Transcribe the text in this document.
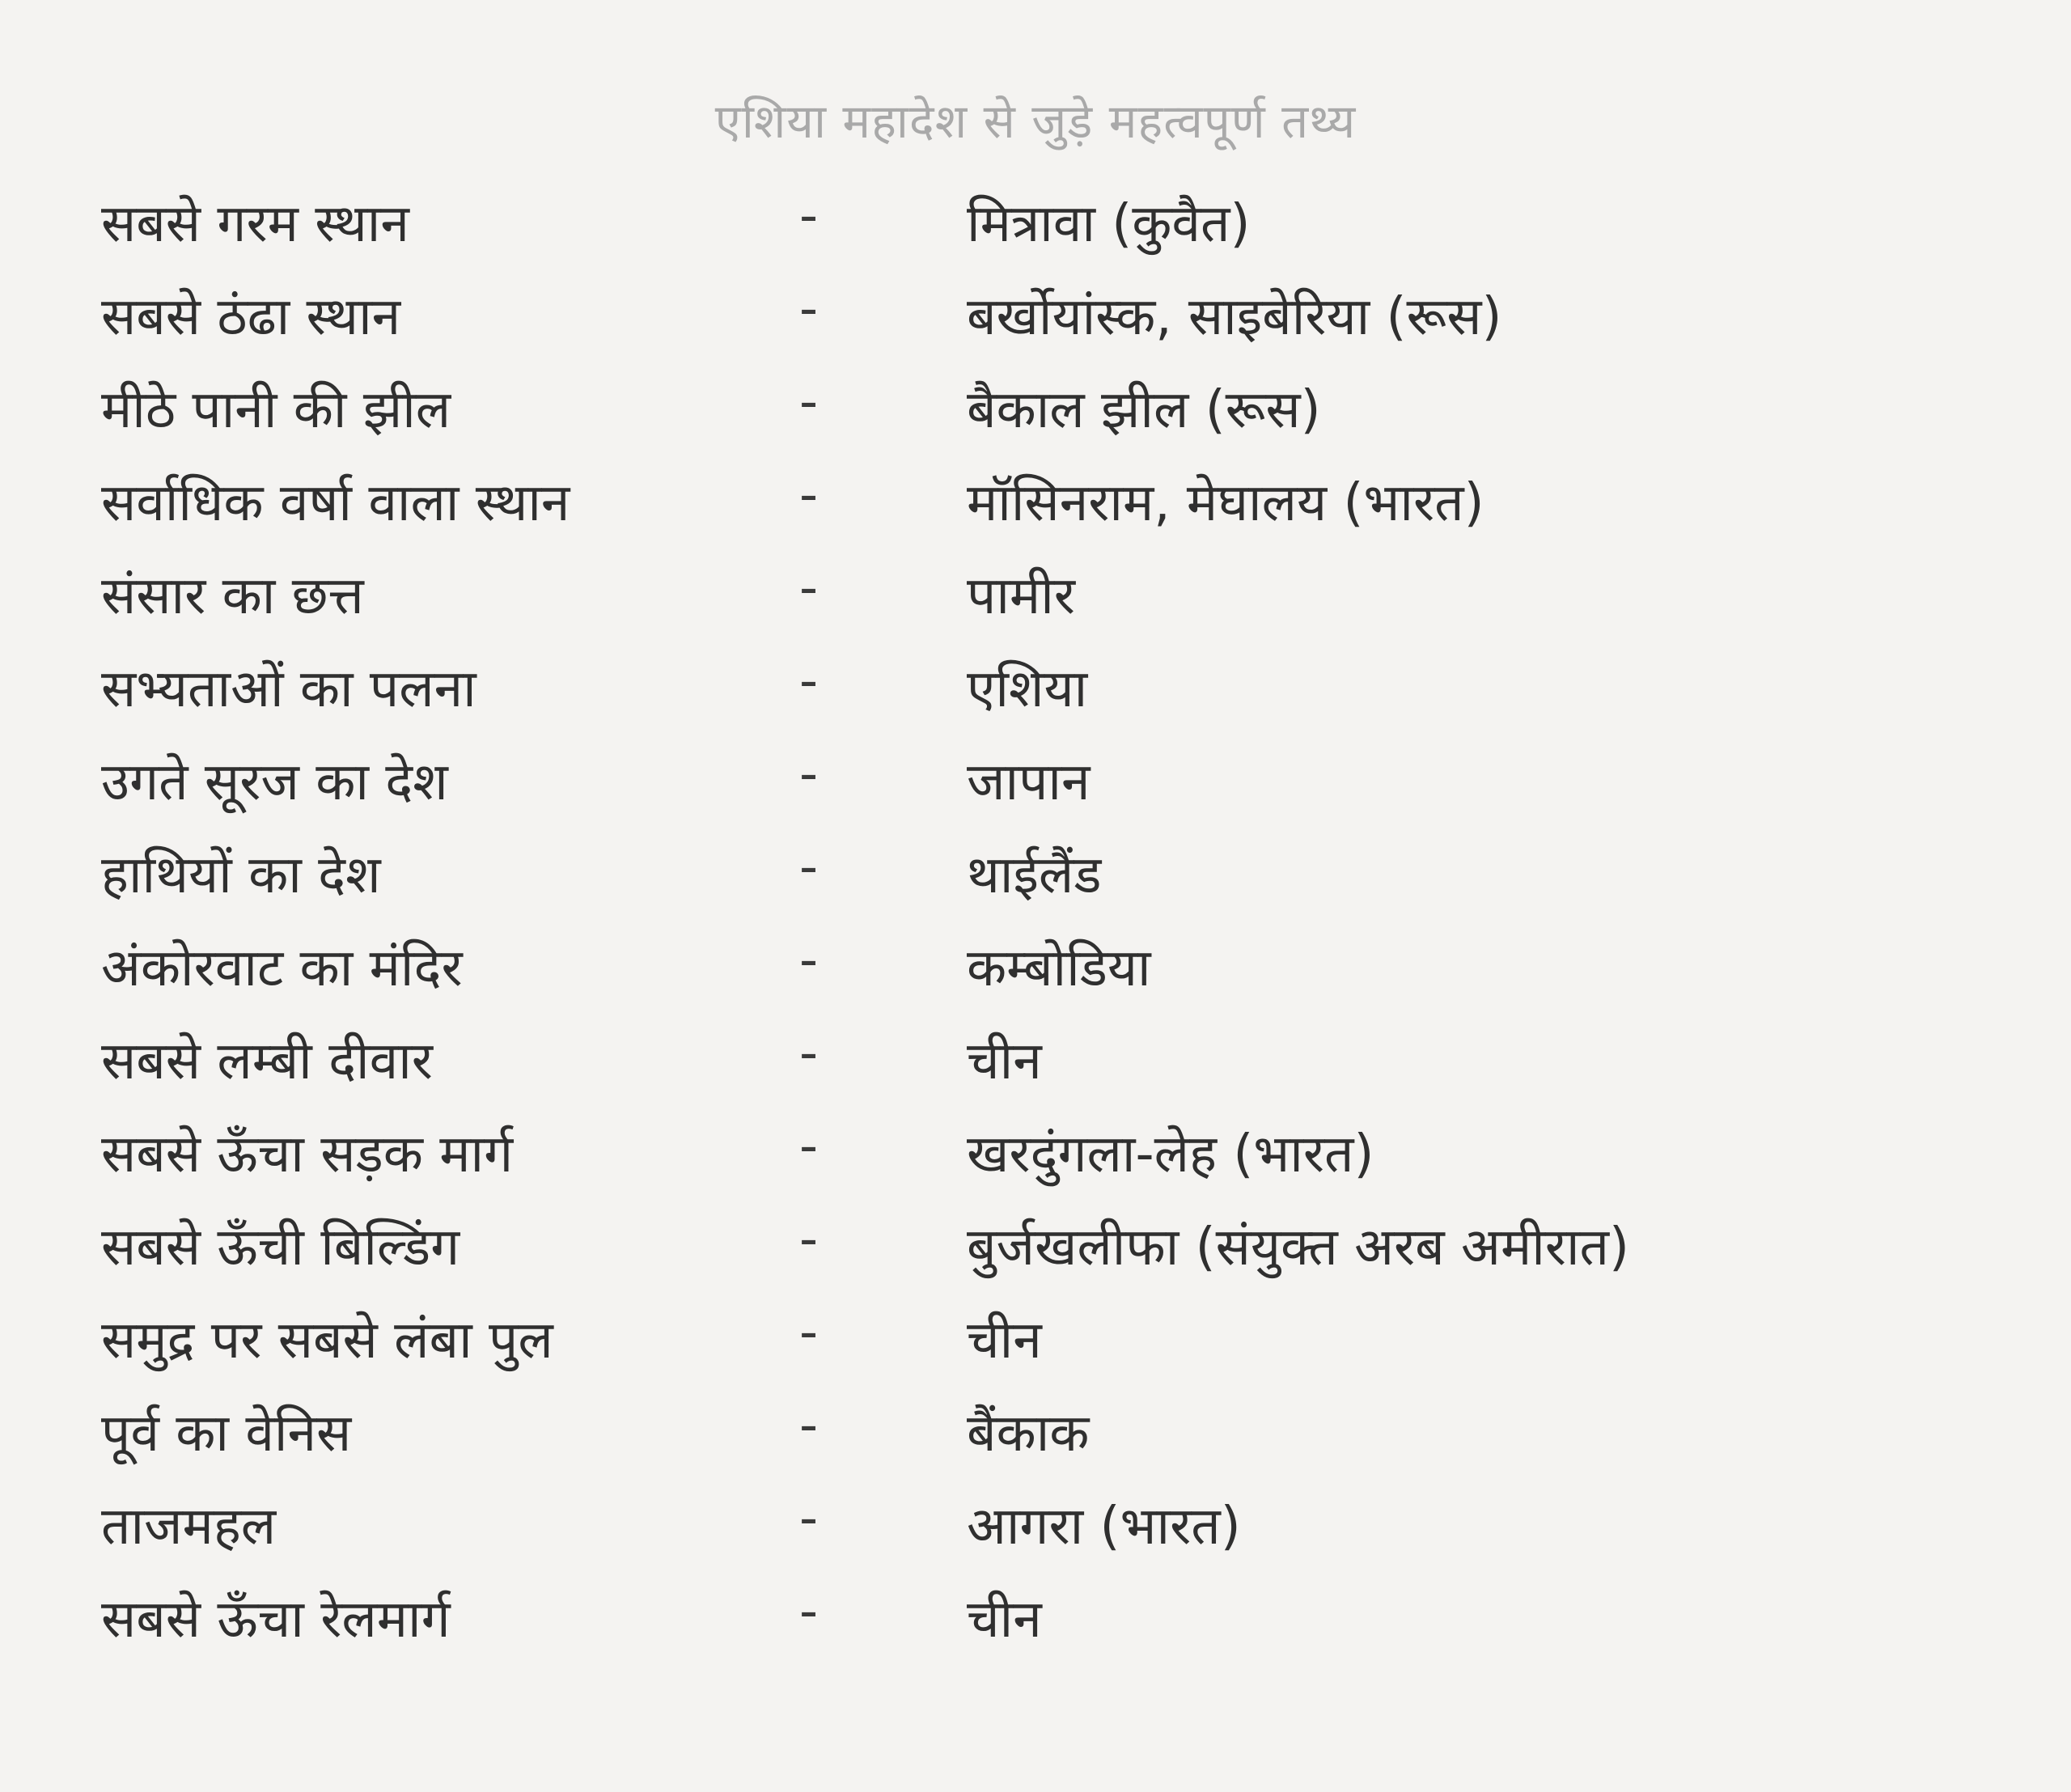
एशिया महादेश से जुड़े महत्वपूर्ण तथ्य
सबसे गरम स्थान	-	मित्रावा (कुवैत)
सबसे ठंढा स्थान	-	बर्खोयांस्क, साइबेरिया (रूस)
मीठे पानी की झील	-	बैकाल झील (रूस)
सर्वाधिक वर्षा वाला स्थान	-	मॉसिनराम, मेघालय (भारत)
संसार का छत्त	-	पामीर
सभ्यताओं का पलना	-	एशिया
उगते सूरज का देश	-	जापान
हाथियों का देश	-	थाईलैंड
अंकोरवाट का मंदिर	-	कम्बोडिया
सबसे लम्बी दीवार	-	चीन
सबसे ऊँचा सड़क मार्ग	-	खरदुंगला-लेह (भारत)
सबसे ऊँची बिल्डिंग	-	बुर्जखलीफा (संयुक्त अरब अमीरात)
समुद्र पर सबसे लंबा पुल	-	चीन
पूर्व का वेनिस	-	बैंकाक
ताजमहल	-	आगरा (भारत)
सबसे ऊँचा रेलमार्ग	-	चीन
